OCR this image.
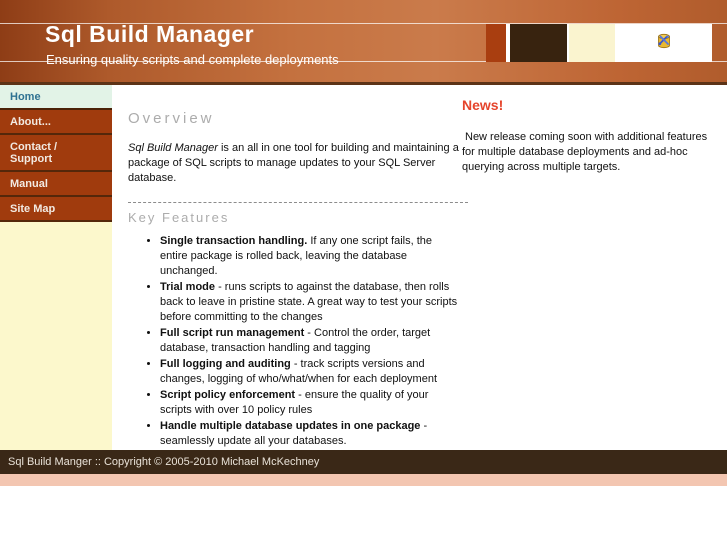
Sql Build Manager
Ensuring quality scripts and complete deployments
Home
About...
Contact / Support
Manual
Site Map
Overview

Sql Build Manager is an all in one tool for building and maintaining a package of SQL scripts to manage updates to your SQL Server database.

Key Features
• Single transaction handling. If any one script fails, the entire package is rolled back, leaving the database unchanged.
• Trial mode - runs scripts to against the database, then rolls back to leave in pristine state. A great way to test your scripts before committing to the changes
• Full script run management - Control the order, target database, transaction handling and tagging
• Full logging and auditing - track scripts versions and changes, logging of who/what/when for each deployment
• Script policy enforcement - ensure the quality of your scripts with over 10 policy rules
• Handle multiple database updates in one package - seamlessly update all your databases.
News!

New release coming soon with additional features for multiple database deployments and ad-hoc querying across multiple targets.

Sql Build Manger :: Copyright © 2005-2010 Michael McKechney
